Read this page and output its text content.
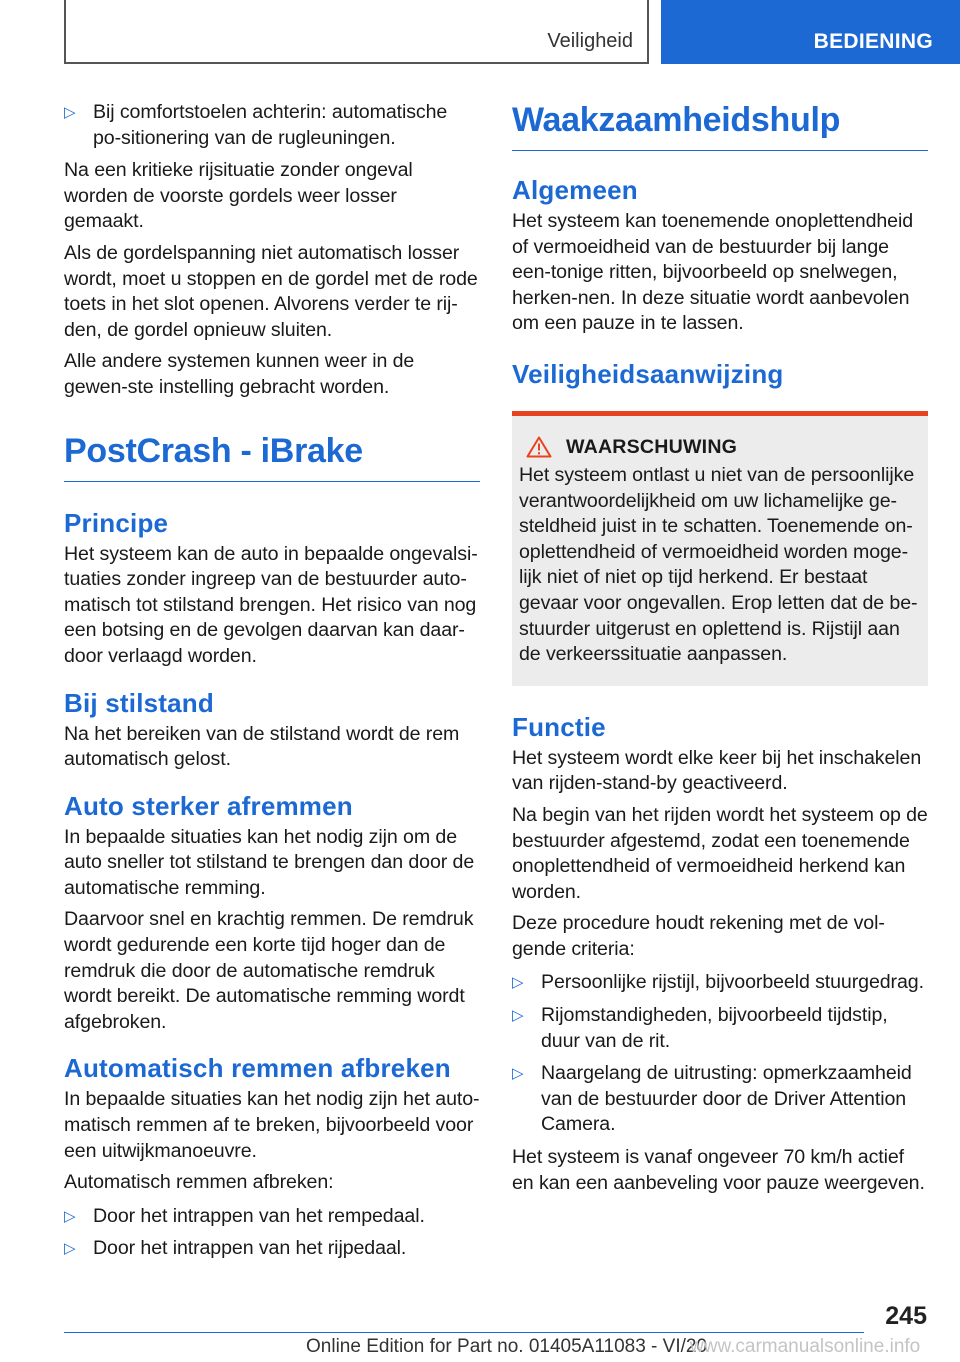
Veiligheid	BEDIENING
▷ Bij comfortstoelen achterin: automatische po‐sitionering van de rugleuningen.

Na een kritieke rijsituatie zonder ongeval worden de voorste gordels weer losser gemaakt.

Als de gordelspanning niet automatisch losser wordt, moet u stoppen en de gordel met de rode toets in het slot openen. Alvorens verder te rij‐den, de gordel opnieuw sluiten.

Alle andere systemen kunnen weer in de gewen‐ste instelling gebracht worden.

PostCrash - iBrake
Principe

Het systeem kan de auto in bepaalde ongevalsi‐tuaties zonder ingreep van de bestuurder auto‐matisch tot stilstand brengen. Het risico van nog een botsing en de gevolgen daarvan kan daar‐door verlaagd worden.

Bij stilstand

Na het bereiken van de stilstand wordt de rem automatisch gelost.

Auto sterker afremmen

In bepaalde situaties kan het nodig zijn om de auto sneller tot stilstand te brengen dan door de automatische remming.

Daarvoor snel en krachtig remmen. De remdruk wordt gedurende een korte tijd hoger dan de remdruk die door de automatische remdruk wordt bereikt. De automatische remming wordt afgebroken.

Automatisch remmen afbreken

In bepaalde situaties kan het nodig zijn het auto‐matisch remmen af te breken, bijvoorbeeld voor een uitwijkmanoeuvre.

Automatisch remmen afbreken:

▷ Door het intrappen van het rempedaal.
▷ Door het intrappen van het rijpedaal.
Waakzaamheidshulp
Algemeen

Het systeem kan toenemende onoplettendheid of vermoeidheid van de bestuurder bij lange een‐tonige ritten, bijvoorbeeld op snelwegen, herken‐nen. In deze situatie wordt aanbevolen om een pauze in te lassen.

Veiligheidsaanwijzing
WAARSCHUWING

Het systeem ontlast u niet van de persoonlijke verantwoordelijkheid om uw lichamelijke ge‐steldheid juist in te schatten. Toenemende on‐oplettendheid of vermoeidheid worden moge‐lijk niet of niet op tijd herkend. Er bestaat gevaar voor ongevallen. Erop letten dat de be‐stuurder uitgerust en oplettend is. Rijstijl aan de verkeerssituatie aanpassen.

Functie

Het systeem wordt elke keer bij het inschakelen van rijden-stand-by geactiveerd.

Na begin van het rijden wordt het systeem op de bestuurder afgestemd, zodat een toenemende onoplettendheid of vermoeidheid herkend kan worden.

Deze procedure houdt rekening met de vol‐gende criteria:

▷ Persoonlijke rijstijl, bijvoorbeeld stuurgedrag.
▷ Rijomstandigheden, bijvoorbeeld tijdstip, duur van de rit.
▷ Naargelang de uitrusting: opmerkzaamheid van de bestuurder door de Driver Attention Camera.

Het systeem is vanaf ongeveer 70 km/h actief en kan een aanbeveling voor pauze weergeven.

245
Online Edition for Part no. 01405A11083 - VI/20
www.carmanualsonline.info
